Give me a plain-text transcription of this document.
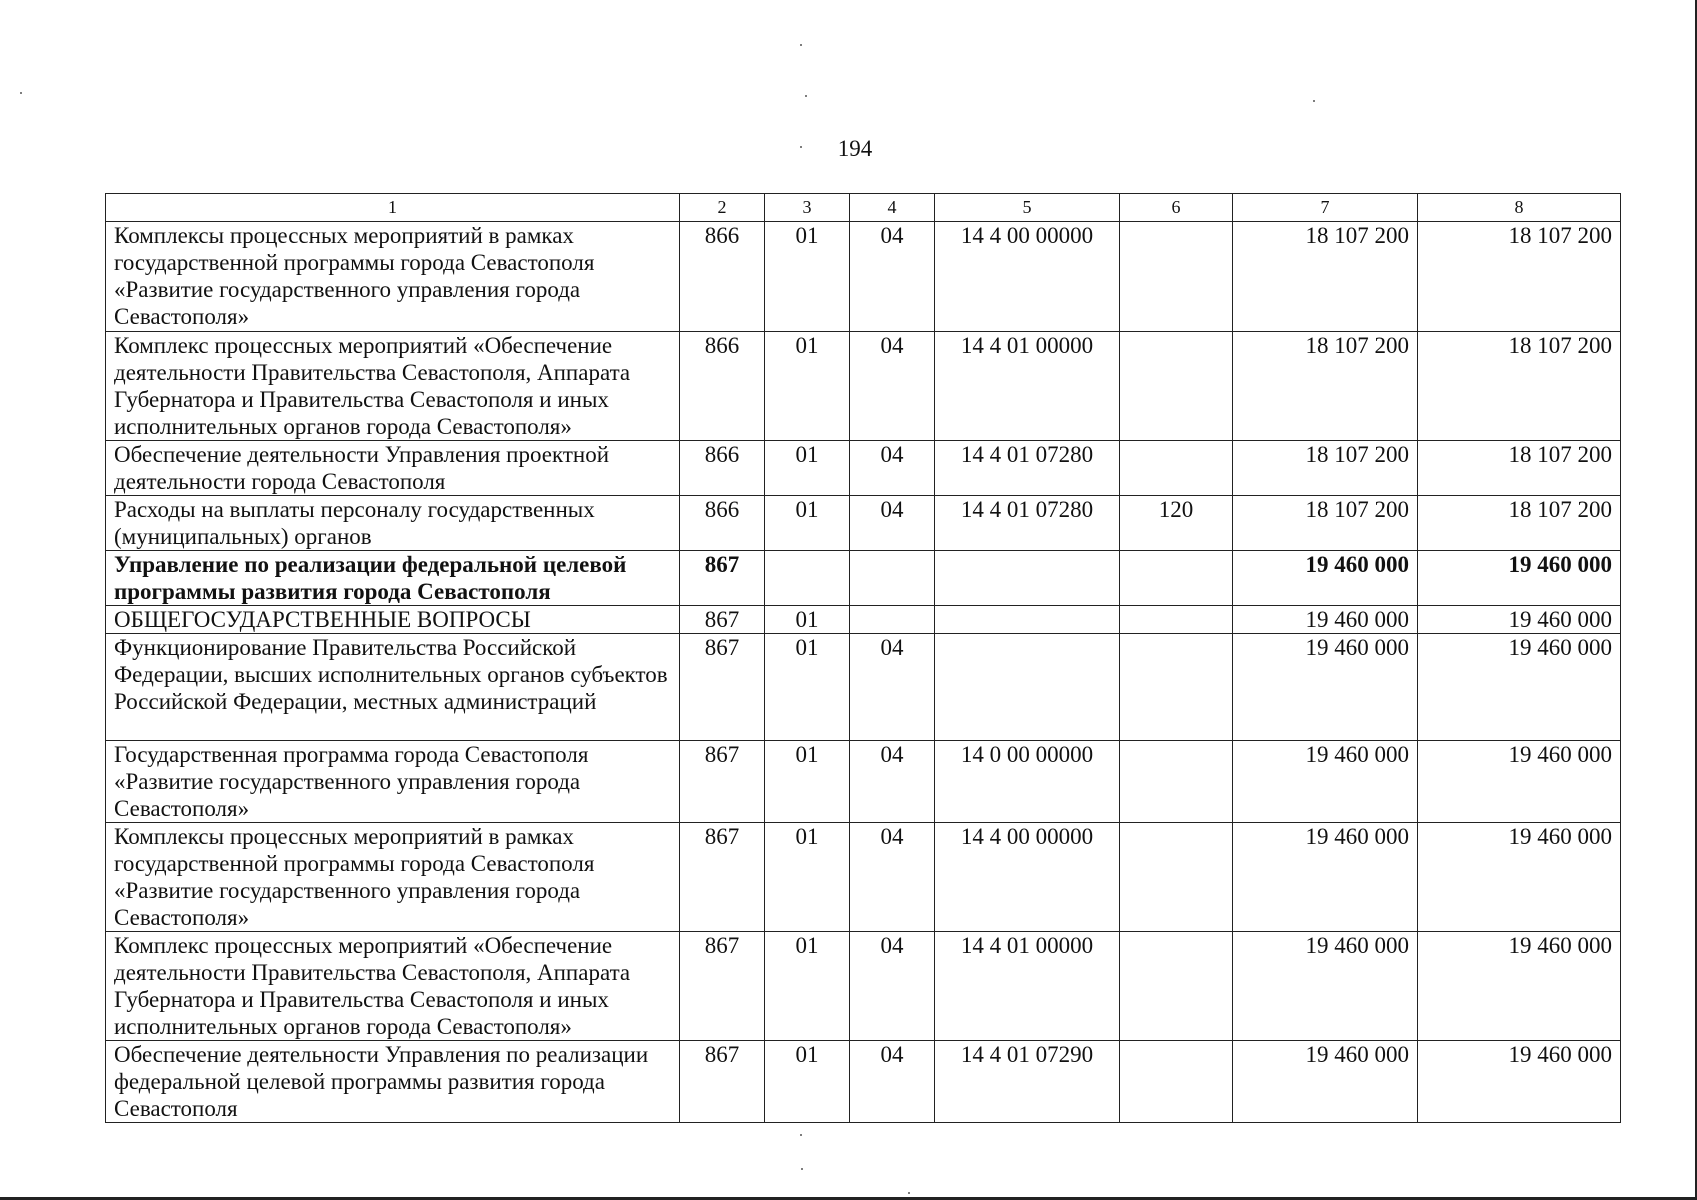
194
1	2	3	4	5	6	7	8
Комплексы процессных мероприятий в рамках государственной программы города Севастополя «Развитие государственного управления города Севастополя»	866	01	04	14 4 00 00000		18 107 200	18 107 200
Комплекс процессных мероприятий «Обеспечение деятельности Правительства Севастополя, Аппарата Губернатора и Правительства Севастополя и иных исполнительных органов города Севастополя»	866	01	04	14 4 01 00000		18 107 200	18 107 200
Обеспечение деятельности Управления проектной деятельности города Севастополя	866	01	04	14 4 01 07280		18 107 200	18 107 200
Расходы на выплаты персоналу государственных (муниципальных) органов	866	01	04	14 4 01 07280	120	18 107 200	18 107 200
Управление по реализации федеральной целевой программы развития города Севастополя	867					19 460 000	19 460 000
ОБЩЕГОСУДАРСТВЕННЫЕ ВОПРОСЫ	867	01				19 460 000	19 460 000
Функционирование Правительства Российской Федерации, высших исполнительных органов субъектов Российской Федерации, местных администраций	867	01	04			19 460 000	19 460 000
Государственная программа города Севастополя «Развитие государственного управления города Севастополя»	867	01	04	14 0 00 00000		19 460 000	19 460 000
Комплексы процессных мероприятий в рамках государственной программы города Севастополя «Развитие государственного управления города Севастополя»	867	01	04	14 4 00 00000		19 460 000	19 460 000
Комплекс процессных мероприятий «Обеспечение деятельности Правительства Севастополя, Аппарата Губернатора и Правительства Севастополя и иных исполнительных органов города Севастополя»	867	01	04	14 4 01 00000		19 460 000	19 460 000
Обеспечение деятельности Управления по реализации федеральной целевой программы развития города Севастополя	867	01	04	14 4 01 07290		19 460 000	19 460 000
